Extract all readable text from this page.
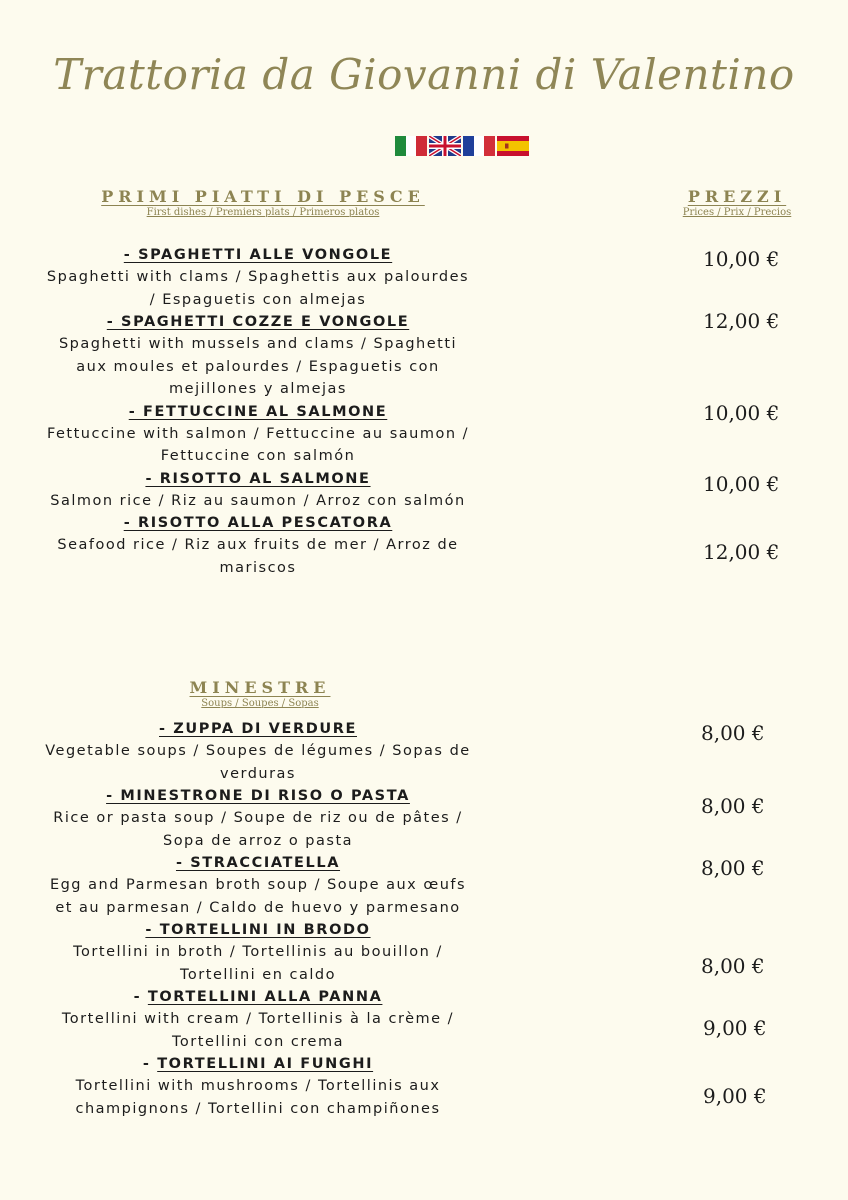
Trattoria da Giovanni di Valentino
PRIMI PIATTI DI PESCE
First dishes / Premiers plats / Primeros platos
PREZZI
Prices / Prix / Precios
- SPAGHETTI ALLE VONGOLE
Spaghetti with clams / Spaghettis aux palourdes / Espaguetis con almejas
- SPAGHETTI COZZE E VONGOLE
Spaghetti with mussels and clams / Spaghetti aux moules et palourdes / Espaguetis con mejillones y almejas
- FETTUCCINE AL SALMONE
Fettuccine with salmon / Fettuccine au saumon / Fettuccine con salmón
- RISOTTO AL SALMONE
Salmon rice / Riz au saumon / Arroz con salmón
- RISOTTO ALLA PESCATORA
Seafood rice / Riz aux fruits de mer / Arroz de mariscos
10,00 €
12,00 €
10,00 €
10,00 €
12,00 €
MINESTRE
Soups / Soupes / Sopas
- ZUPPA DI VERDURE
Vegetable soups / Soupes de légumes / Sopas de verduras
- MINESTRONE DI RISO O PASTA
Rice or pasta soup / Soupe de riz ou de pâtes / Sopa de arroz o pasta
- STRACCIATELLA
Egg and Parmesan broth soup / Soupe aux œufs et au parmesan / Caldo de huevo y parmesano
- TORTELLINI IN BRODO
Tortellini in broth / Tortellinis au bouillon / Tortellini en caldo
- TORTELLINI ALLA PANNA
Tortellini with cream / Tortellinis à la crème / Tortellini con crema
- TORTELLINI AI FUNGHI
Tortellini with mushrooms / Tortellinis aux champignons / Tortellini con champiñones
8,00 €
8,00 €
8,00 €
8,00 €
9,00 €
9,00 €
